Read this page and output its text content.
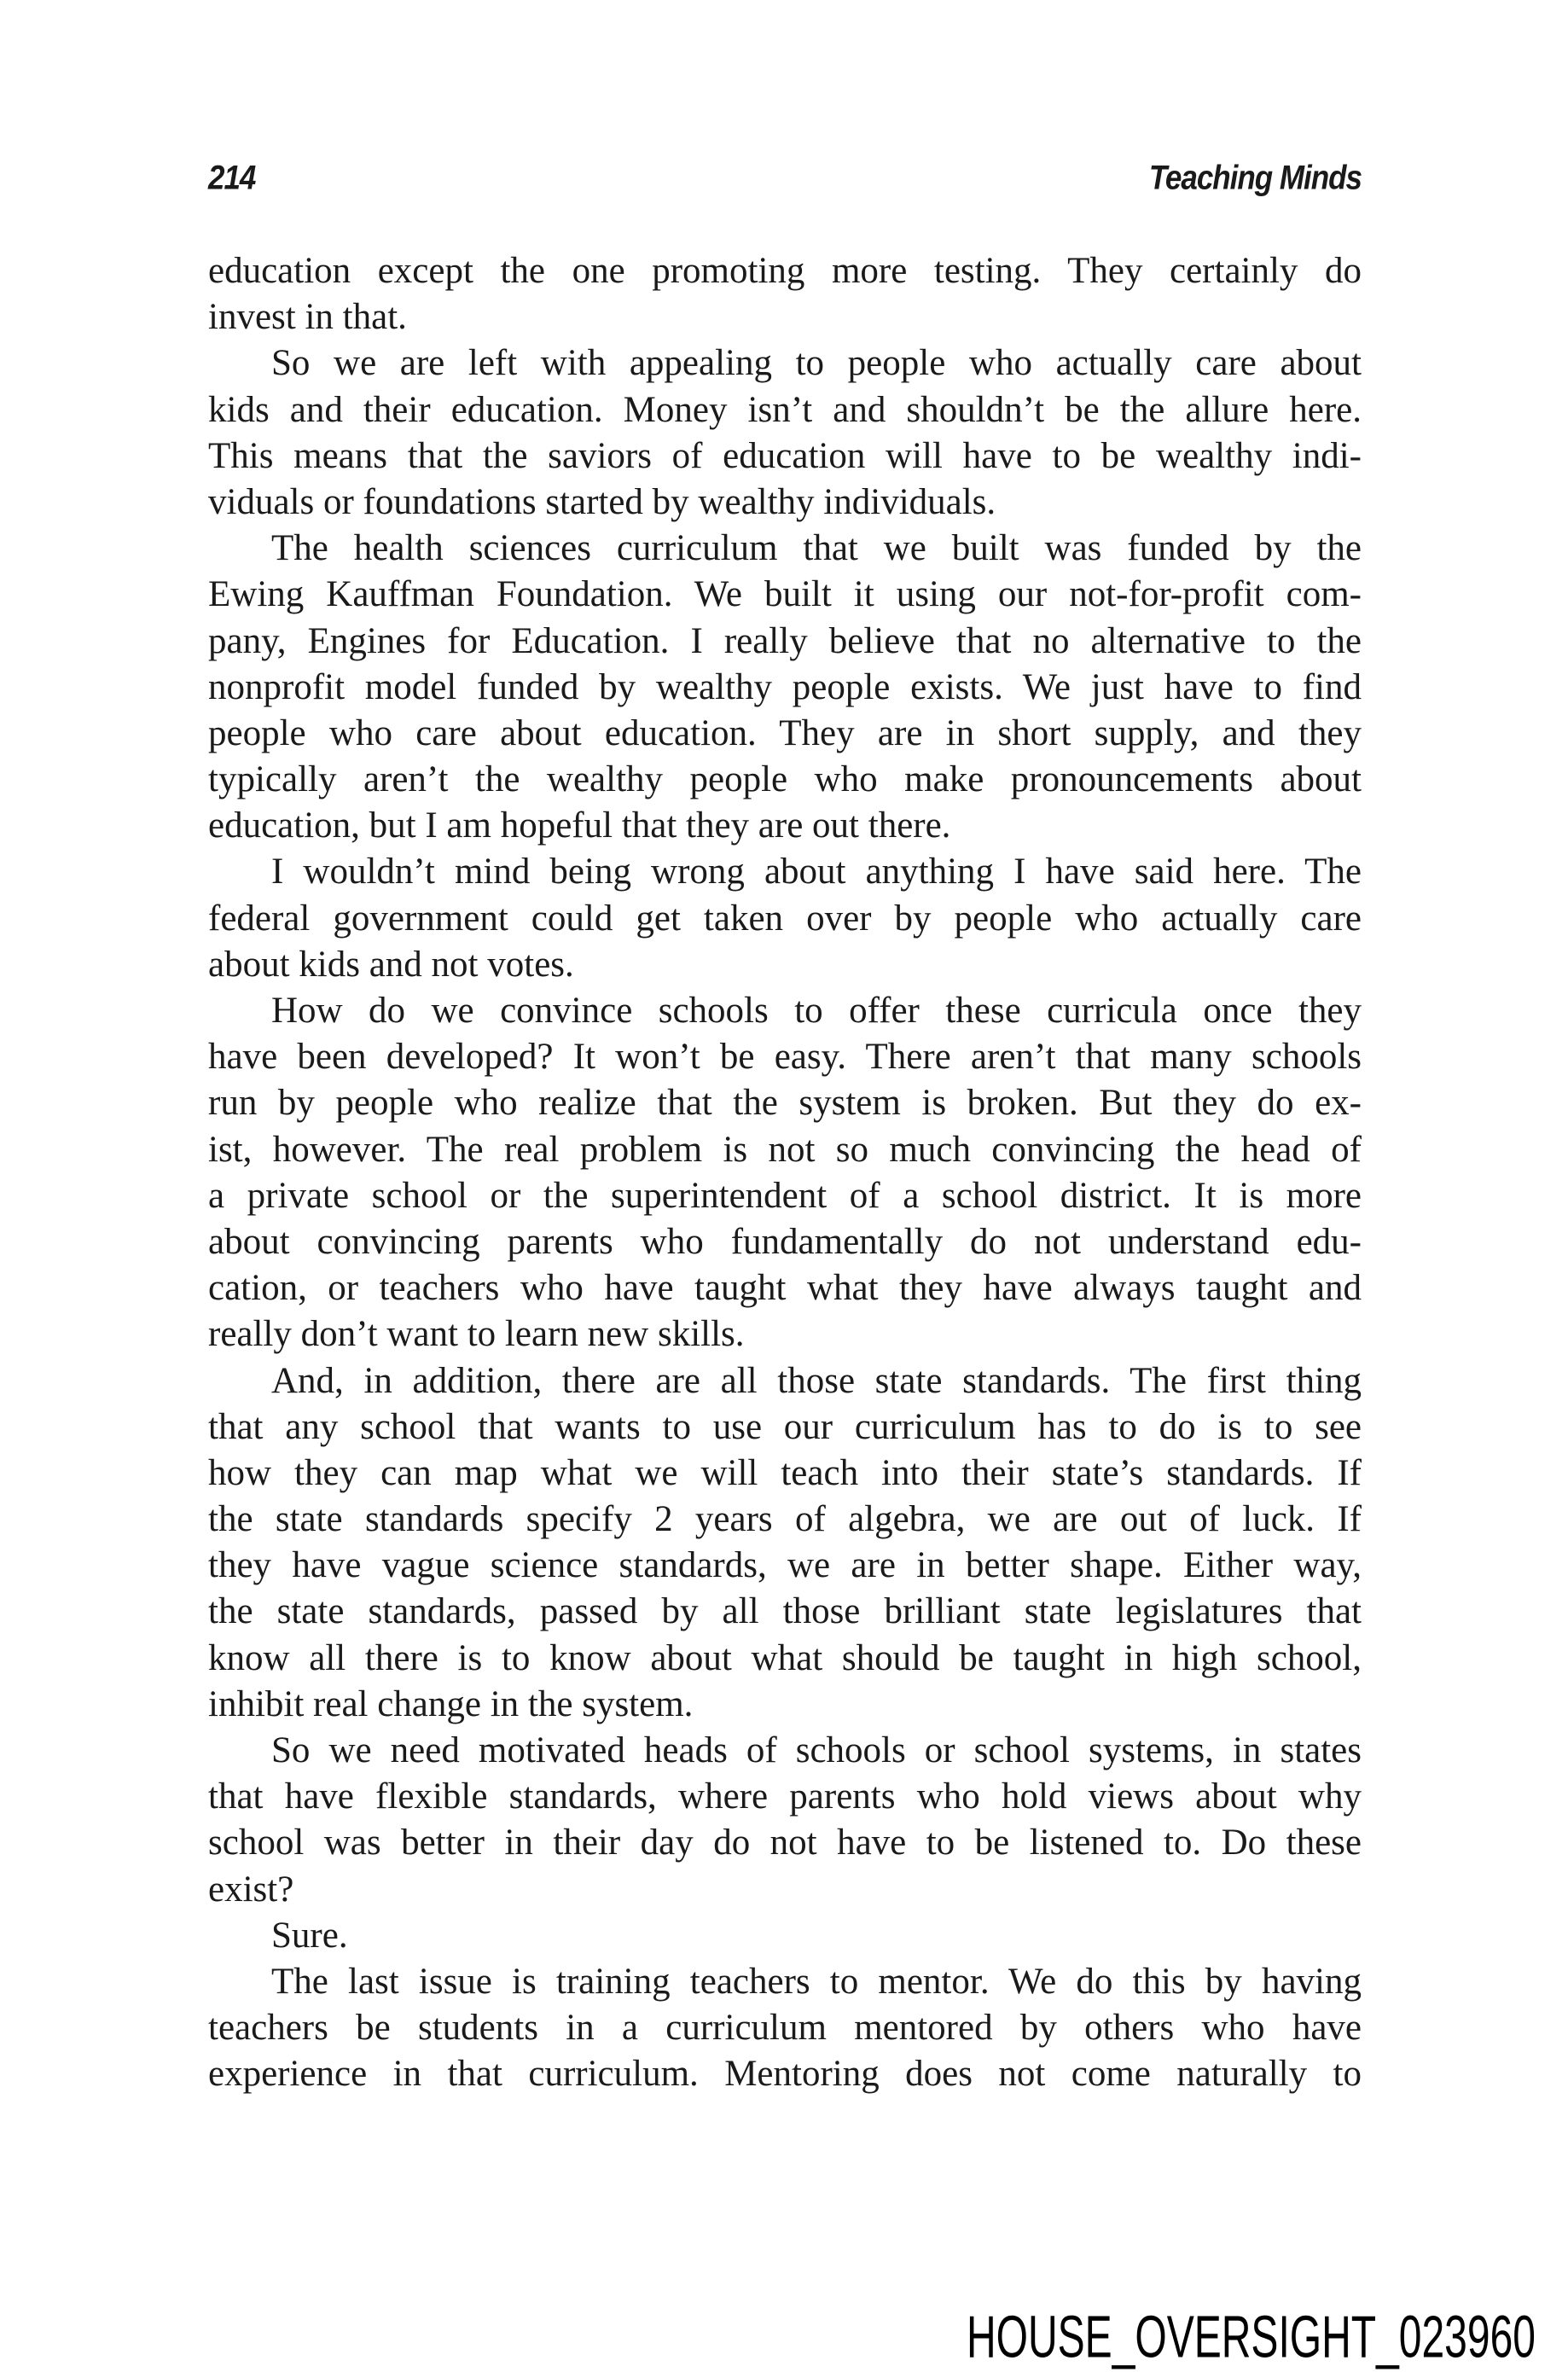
214	Teaching Minds
education except the one promoting more testing. They certainly do
invest in that.
So we are left with appealing to people who actually care about
kids and their education. Money isn’t and shouldn’t be the allure here.
This means that the saviors of education will have to be wealthy indi-
viduals or foundations started by wealthy individuals.
The health sciences curriculum that we built was funded by the
Ewing Kauffman Foundation. We built it using our not-for-profit com-
pany, Engines for Education. I really believe that no alternative to the
nonprofit model funded by wealthy people exists. We just have to find
people who care about education. They are in short supply, and they
typically aren’t the wealthy people who make pronouncements about
education, but I am hopeful that they are out there.
I wouldn’t mind being wrong about anything I have said here. The
federal government could get taken over by people who actually care
about kids and not votes.
How do we convince schools to offer these curricula once they
have been developed? It won’t be easy. There aren’t that many schools
run by people who realize that the system is broken. But they do ex-
ist, however. The real problem is not so much convincing the head of
a private school or the superintendent of a school district. It is more
about convincing parents who fundamentally do not understand edu-
cation, or teachers who have taught what they have always taught and
really don’t want to learn new skills.
And, in addition, there are all those state standards. The first thing
that any school that wants to use our curriculum has to do is to see
how they can map what we will teach into their state’s standards. If
the state standards specify 2 years of algebra, we are out of luck. If
they have vague science standards, we are in better shape. Either way,
the state standards, passed by all those brilliant state legislatures that
know all there is to know about what should be taught in high school,
inhibit real change in the system.
So we need motivated heads of schools or school systems, in states
that have flexible standards, where parents who hold views about why
school was better in their day do not have to be listened to. Do these
exist?
Sure.
The last issue is training teachers to mentor. We do this by having
teachers be students in a curriculum mentored by others who have
experience in that curriculum. Mentoring does not come naturally to
HOUSE_OVERSIGHT_023960
